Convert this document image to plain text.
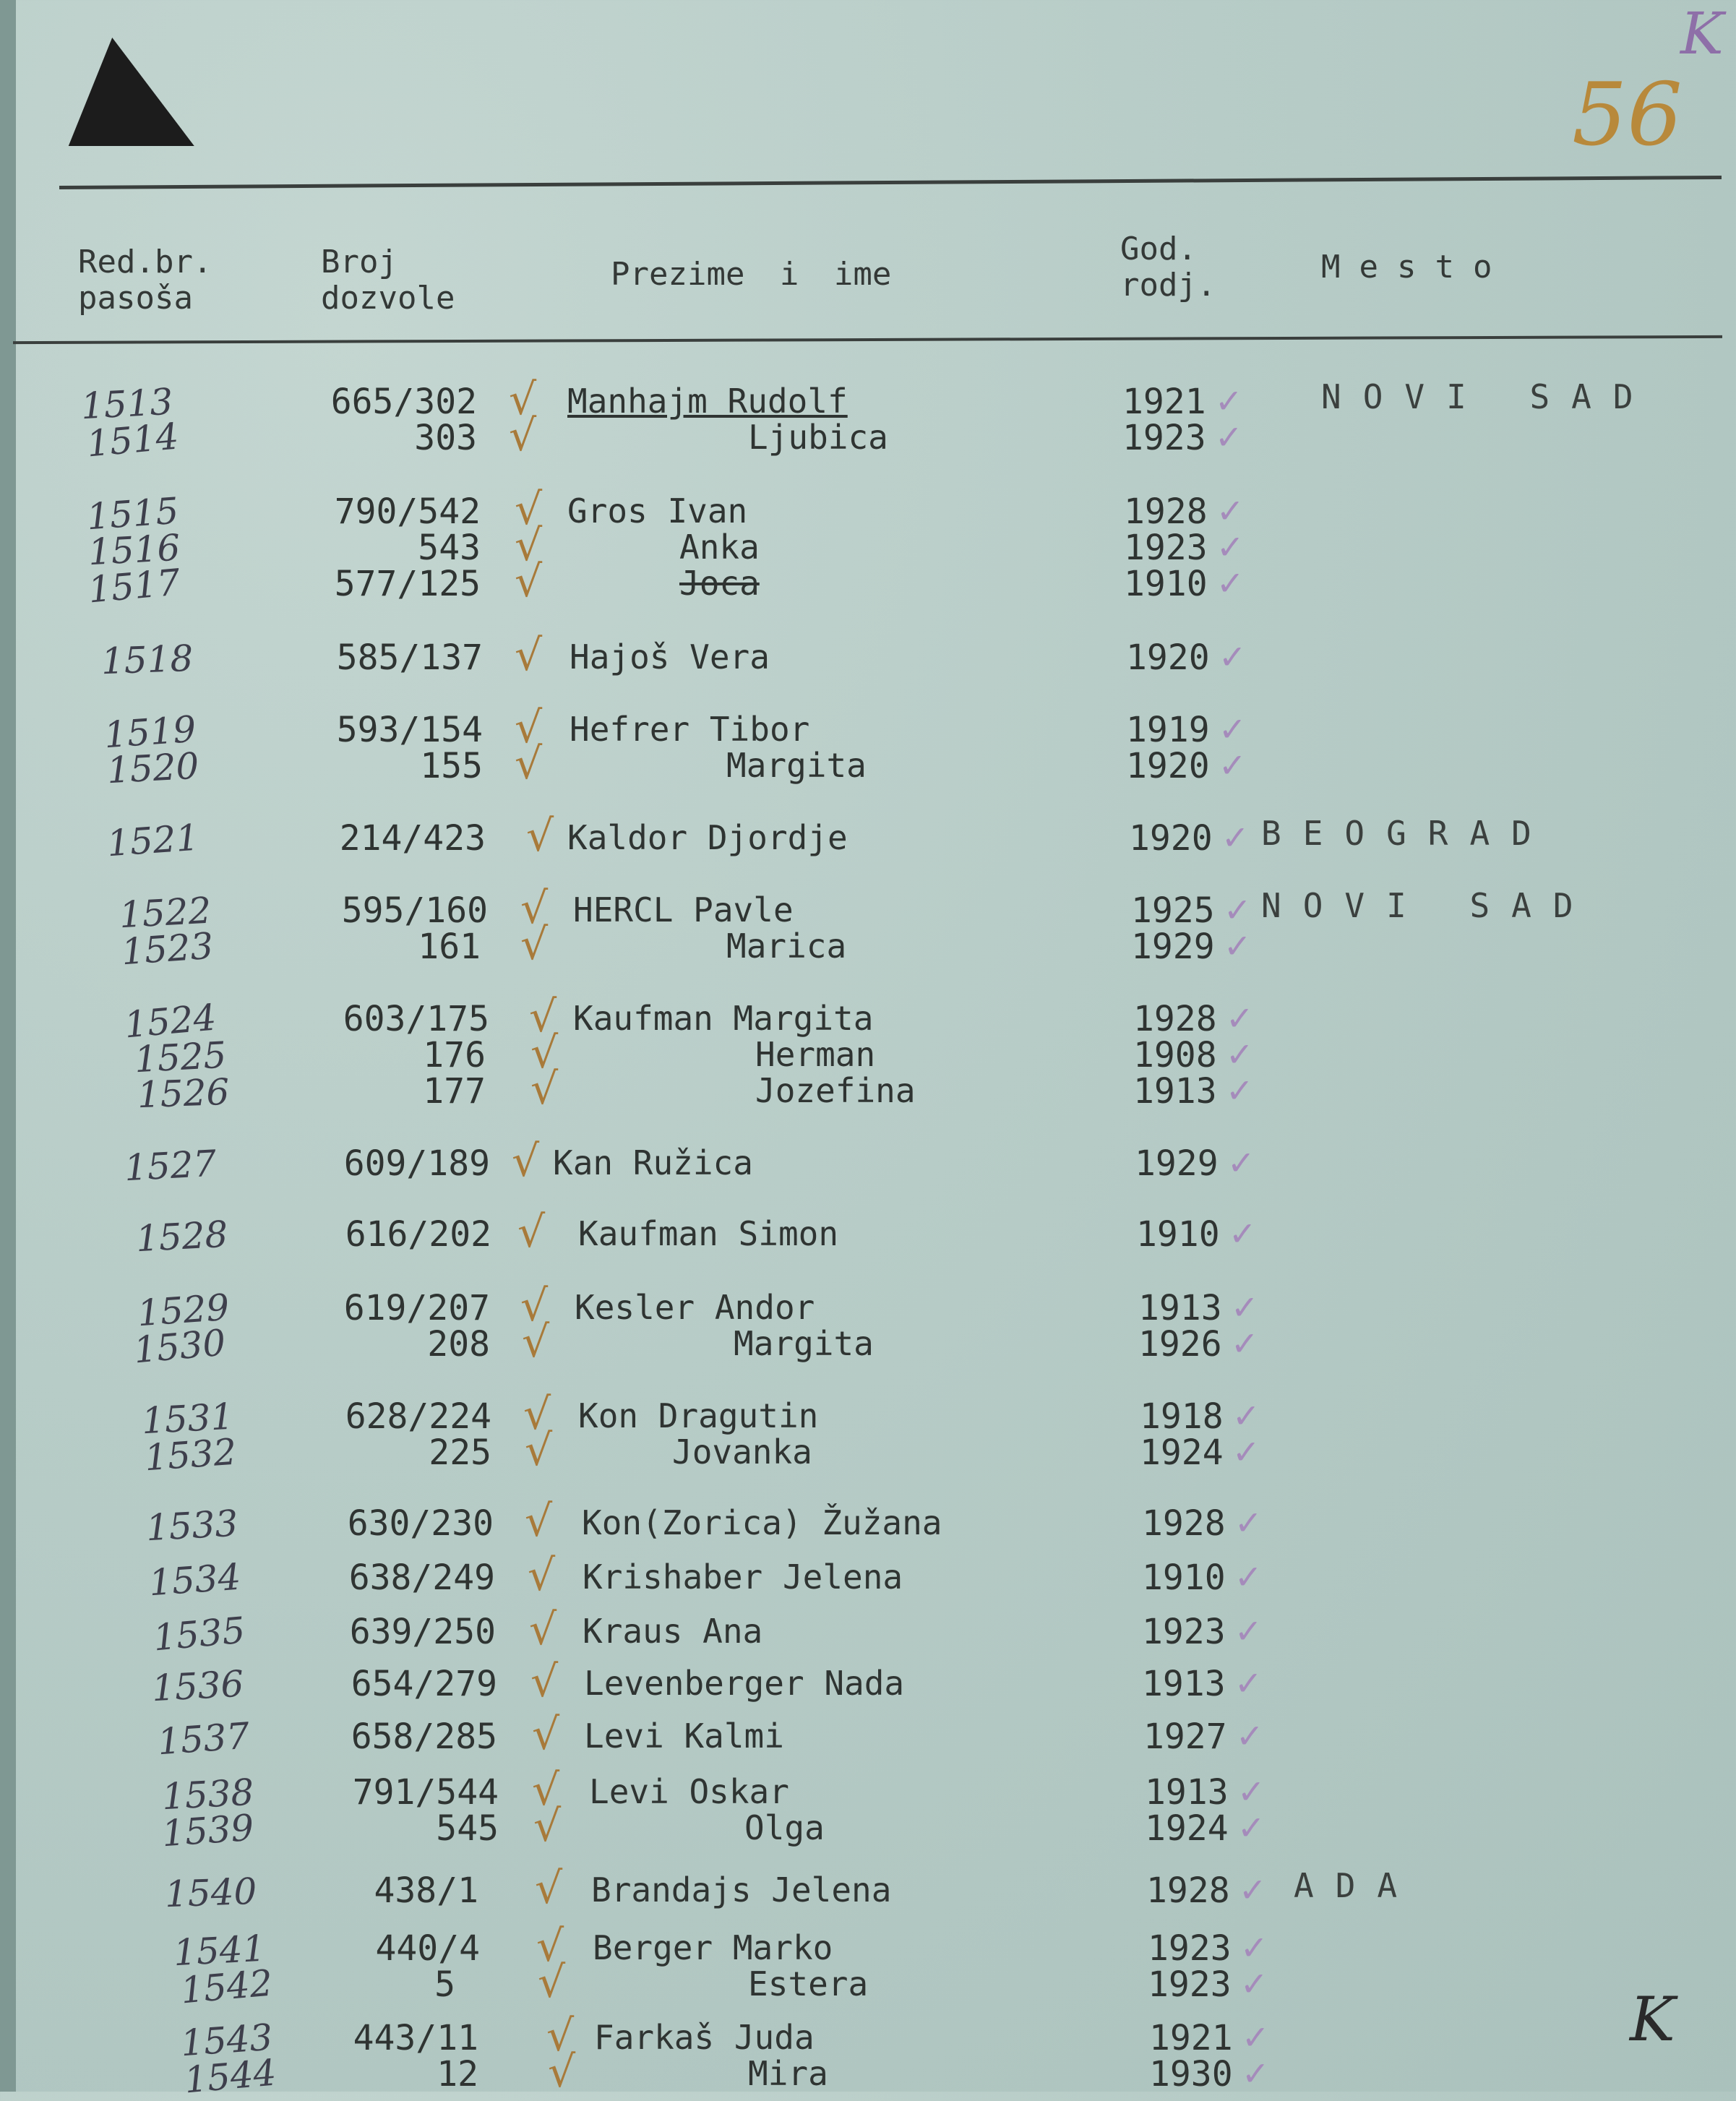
56
K
Red.br.
pasoša
Broj
dozvole
Prezime i ime
God.
rodj.	Mesto
1513	665/302 √ Manhajm Rudolf	1921 ✓ NOVI SAD
1514	303 √	Ljubica	1923 ✓
1515	790/542 √ Gros Ivan	1928 ✓
1516	543 √	Anka	1923 ✓
1517	577/125 √	Joca	1910 ✓
1518	585/137 √ Hajoš Vera	1920 ✓
1519	593/154 √ Hefrer Tibor	1919 ✓
1520	155 √	Margita	1920 ✓
1521	214/423 √ Kaldor Djordje	1920 ✓ BEOGRAD
1522	595/160 √ HERCL Pavle	1925 ✓ NOVI SAD
1523	161 √	Marica	1929 ✓
1524	603/175 √ Kaufman Margita	1928 ✓
1525	176 √	Herman	1908 ✓
1526	177 √	Jozefina	1913 ✓
1527	609/189 √ Kan Ružica	1929 ✓
1528	616/202 √ Kaufman Simon	1910 ✓
1529	619/207 √ Kesler Andor	1913 ✓
1530	208 √	Margita	1926 ✓
1531	628/224 √ Kon Dragutin	1918 ✓
1532	225 √	Jovanka	1924 ✓
1533	630/230 √ Kon(Zorica) Žužana	1928 ✓
1534	638/249 √ Krishaber Jelena	1910 ✓
1535	639/250 √ Kraus Ana	1923 ✓
1536	654/279 √ Levenberger Nada	1913 ✓
1537	658/285 √ Levi Kalmi	1927 ✓
1538	791/544 √ Levi Oskar	1913 ✓
1539	545 √	Olga	1924 ✓
1540	438/1 √ Brandajs Jelena	1928 ✓ ADA
1541	440/4 √ Berger Marko	1923 ✓
1542	5 √	Estera	1923 ✓
1543	443/11 √ Farkaš Juda	1921 ✓
1544	12 √	Mira	1930 ✓
K
